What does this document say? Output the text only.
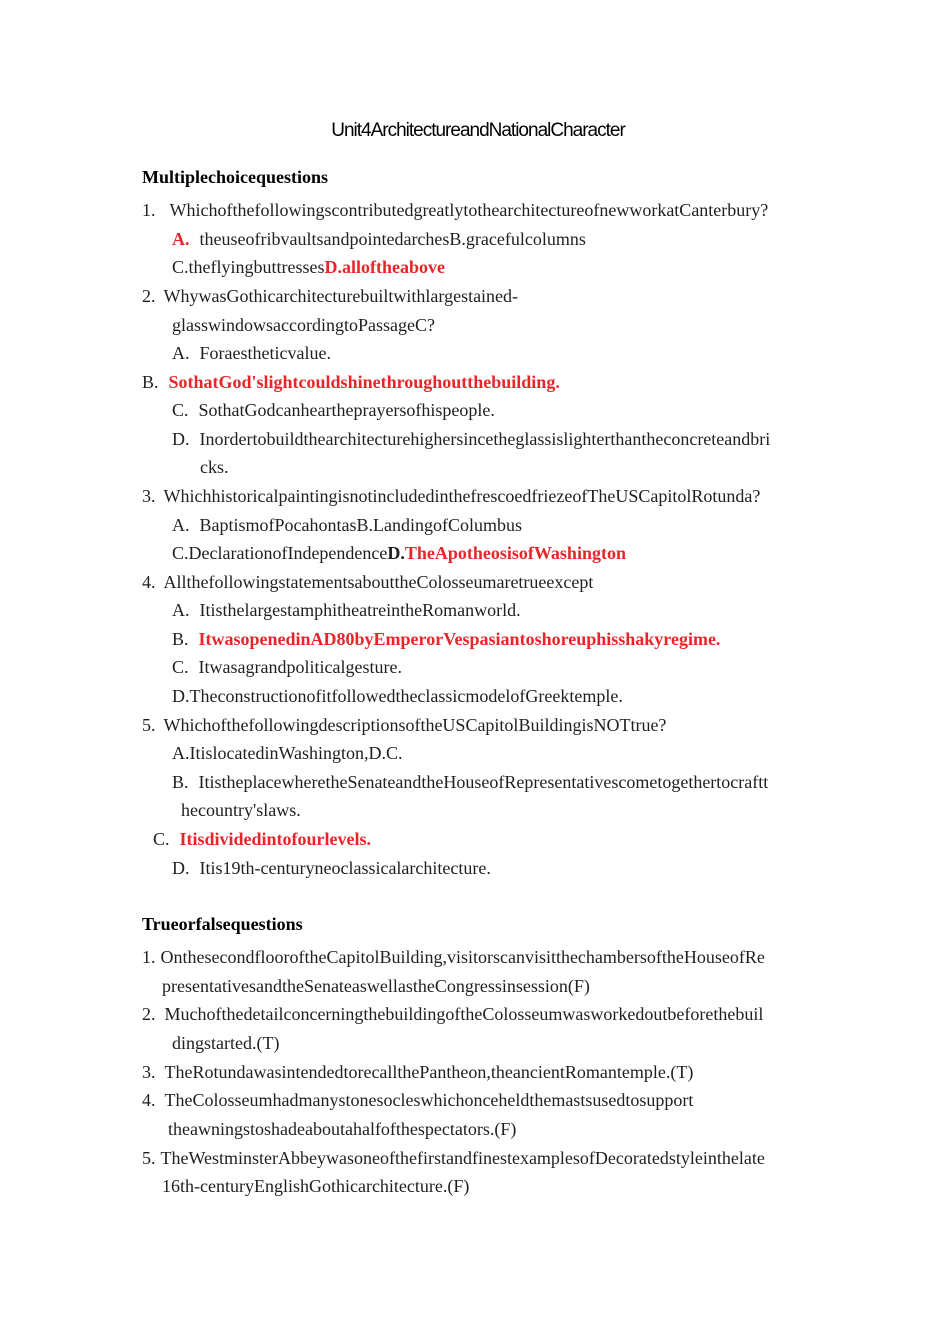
Unit4ArchitectureandNationalCharacter
Multiplechoicequestions
1. WhichofthefollowingscontributedgreatlytothearchitectureofnewworkatCanterbury?
A. theuseofribvaultsandpointedarchesB.gracefulcolumns
C.theflyingbuttressesD.alloftheabove
2. WhywasGothicarchitecturebuiltwithlargestained-
glasswindowsaccordingtoPassageC?
A. Foraestheticvalue.
B. SothatGod'slightcouldshinethroughoutthebuilding.
C. SothatGodcanheartheprayersofhispeople.
D. Inordertobuildthearchitecturehighersincetheglassislighterthantheconcreteandbri
cks.
3. WhichhistoricalpaintingisnotincludedinthefrescoedfriezeofTheUSCapitolRotunda?
A. BaptismofPocahontasB.LandingofColumbus
C.DeclarationofIndependenceD.TheApotheosisofWashington
4. AllthefollowingstatementsabouttheColosseumaretrueexcept
A. ItisthelargestamphitheatreintheRomanworld.
B. ItwasopenedinAD80byEmperorVespasiantoshoreuphisshakyregime.
C. Itwasagrandpoliticalgesture.
D.TheconstructionofitfollowedtheclassicmodelofGreektemple.
5. WhichofthefollowingdescriptionsoftheUSCapitolBuildingisNOTtrue?
A.ItislocatedinWashington,D.C.
B. ItistheplacewheretheSenateandtheHouseofRepresentativescometogethertocraftt
hecountry'slaws.
C. Itisdividedintofourlevels.
D. Itis19th-centuryneoclassicalarchitecture.
Trueorfalsequestions
1. OnthesecondflooroftheCapitolBuilding,visitorscanvisitthechambersoftheHouseofRe
presentativesandtheSenateaswellastheCongressinsession(F)
2. MuchofthedetailconcerningthebuildingoftheColosseumwasworkedoutbeforethebuil
dingstarted.(T)
3. TheRotundawasintendedtorecallthePantheon,theancientRomantemple.(T)
4. TheColosseumhadmanystonesocleswhichonceheldthemastsusedtosupport
theawningstoshadeaboutahalfofthespectators.(F)
5. TheWestminsterAbbeywasoneofthefirstandfinestexamplesofDecoratedstyleinthelate
16th-centuryEnglishGothicarchitecture.(F)
